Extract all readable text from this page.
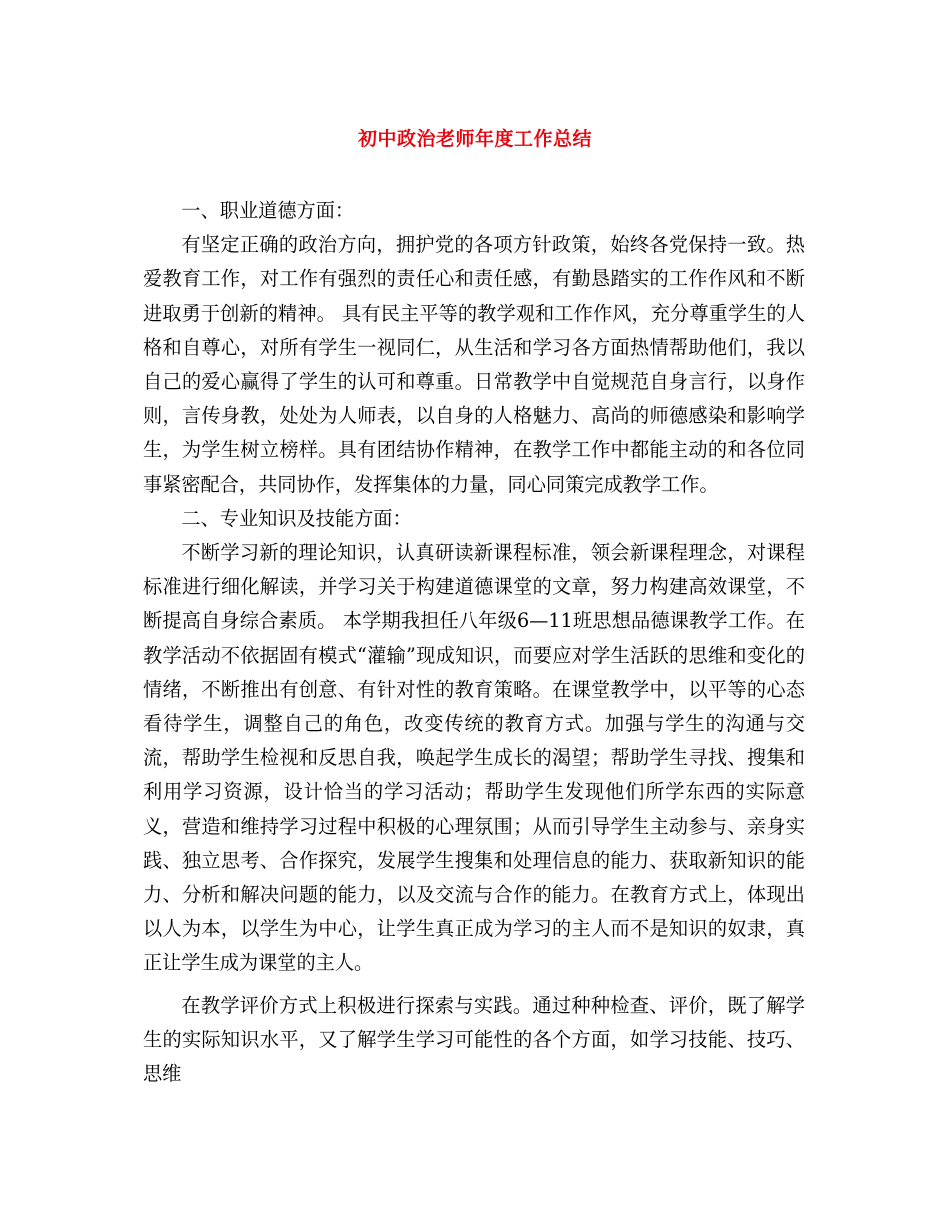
初中政治老师年度工作总结

一、职业道德方面：

有坚定正确的政治方向，拥护党的各项方针政策，始终各党保持一致。热爱教育工作，对工作有强烈的责任心和责任感，有勤恳踏实的工作作风和不断进取勇于创新的精神。 具有民主平等的教学观和工作作风，充分尊重学生的人格和自尊心，对所有学生一视同仁，从生活和学习各方面热情帮助他们，我以自己的爱心赢得了学生的认可和尊重。日常教学中自觉规范自身言行，以身作则，言传身教，处处为人师表，以自身的人格魅力、高尚的师德感染和影响学生，为学生树立榜样。具有团结协作精神，在教学工作中都能主动的和各位同事紧密配合，共同协作，发挥集体的力量，同心同策完成教学工作。

二、专业知识及技能方面：

不断学习新的理论知识，认真研读新课程标准，领会新课程理念，对课程标准进行细化解读，并学习关于构建道德课堂的文章，努力构建高效课堂，不断提高自身综合素质。 本学期我担任八年级6—11班思想品德课教学工作。在教学活动不依据固有模式“灌输”现成知识，而要应对学生活跃的思维和变化的情绪，不断推出有创意、有针对性的教育策略。在课堂教学中，以平等的心态看待学生，调整自己的角色，改变传统的教育方式。加强与学生的沟通与交流，帮助学生检视和反思自我，唤起学生成长的渴望；帮助学生寻找、搜集和利用学习资源，设计恰当的学习活动；帮助学生发现他们所学东西的实际意义，营造和维持学习过程中积极的心理氛围；从而引导学生主动参与、亲身实践、独立思考、合作探究，发展学生搜集和处理信息的能力、获取新知识的能力、分析和解决问题的能力，以及交流与合作的能力。在教育方式上，体现出以人为本，以学生为中心，让学生真正成为学习的主人而不是知识的奴隶，真正让学生成为课堂的主人。

在教学评价方式上积极进行探索与实践。通过种种检查、评价，既了解学生的实际知识水平，又了解学生学习可能性的各个方面，如学习技能、技巧、思维
